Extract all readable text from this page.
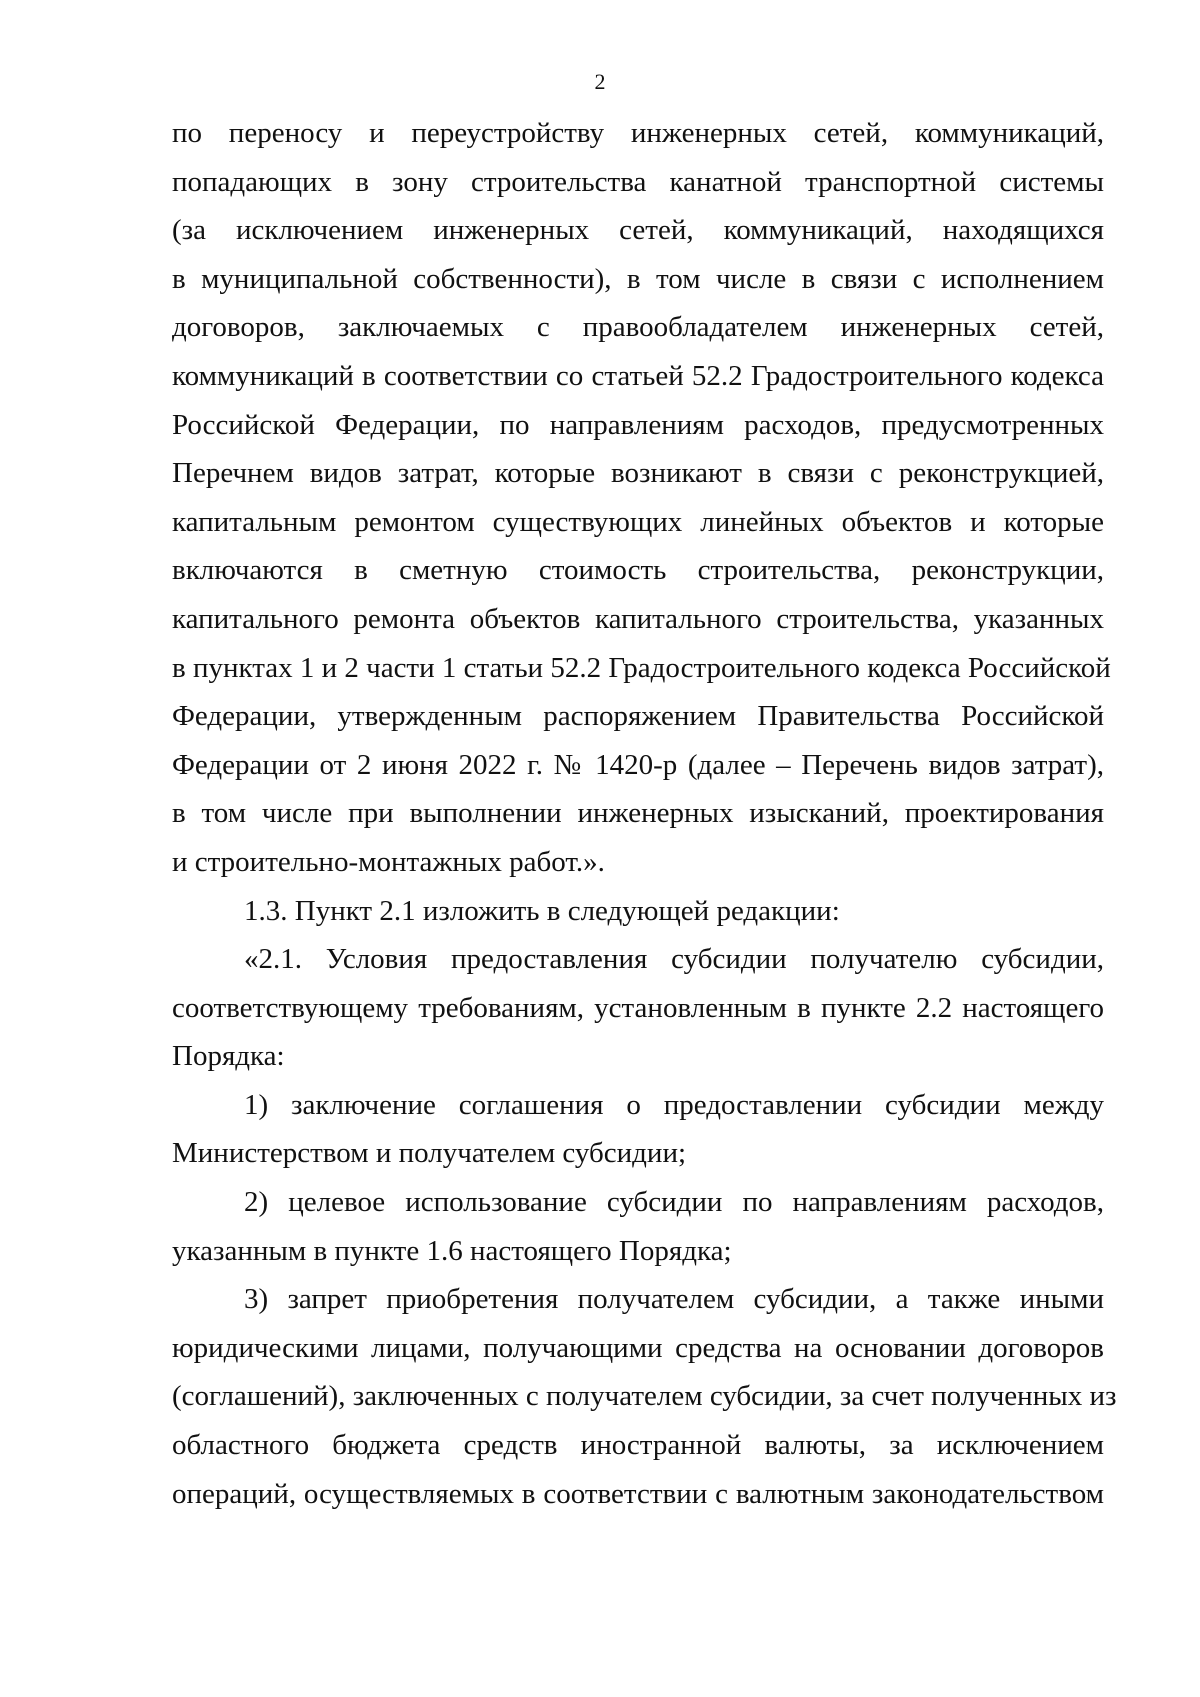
2
по переносу и переустройству инженерных сетей, коммуникаций,
попадающих в зону строительства канатной транспортной системы
(за исключением инженерных сетей, коммуникаций, находящихся
в муниципальной собственности), в том числе в связи с исполнением
договоров, заключаемых с правообладателем инженерных сетей,
коммуникаций в соответствии со статьей 52.2 Градостроительного кодекса
Российской Федерации, по направлениям расходов, предусмотренных
Перечнем видов затрат, которые возникают в связи с реконструкцией,
капитальным ремонтом существующих линейных объектов и которые
включаются в сметную стоимость строительства, реконструкции,
капитального ремонта объектов капитального строительства, указанных
в пунктах 1 и 2 части 1 статьи 52.2 Градостроительного кодекса Российской
Федерации, утвержденным распоряжением Правительства Российской
Федерации от 2 июня 2022 г. № 1420-р (далее – Перечень видов затрат),
в том числе при выполнении инженерных изысканий, проектирования
и строительно-монтажных работ.».
1.3. Пункт 2.1 изложить в следующей редакции:
«2.1. Условия предоставления субсидии получателю субсидии,
соответствующему требованиям, установленным в пункте 2.2 настоящего
Порядка:
1) заключение соглашения о предоставлении субсидии между
Министерством и получателем субсидии;
2) целевое использование субсидии по направлениям расходов,
указанным в пункте 1.6 настоящего Порядка;
3) запрет приобретения получателем субсидии, а также иными
юридическими лицами, получающими средства на основании договоров
(соглашений), заключенных с получателем субсидии, за счет полученных из
областного бюджета средств иностранной валюты, за исключением
операций, осуществляемых в соответствии с валютным законодательством
